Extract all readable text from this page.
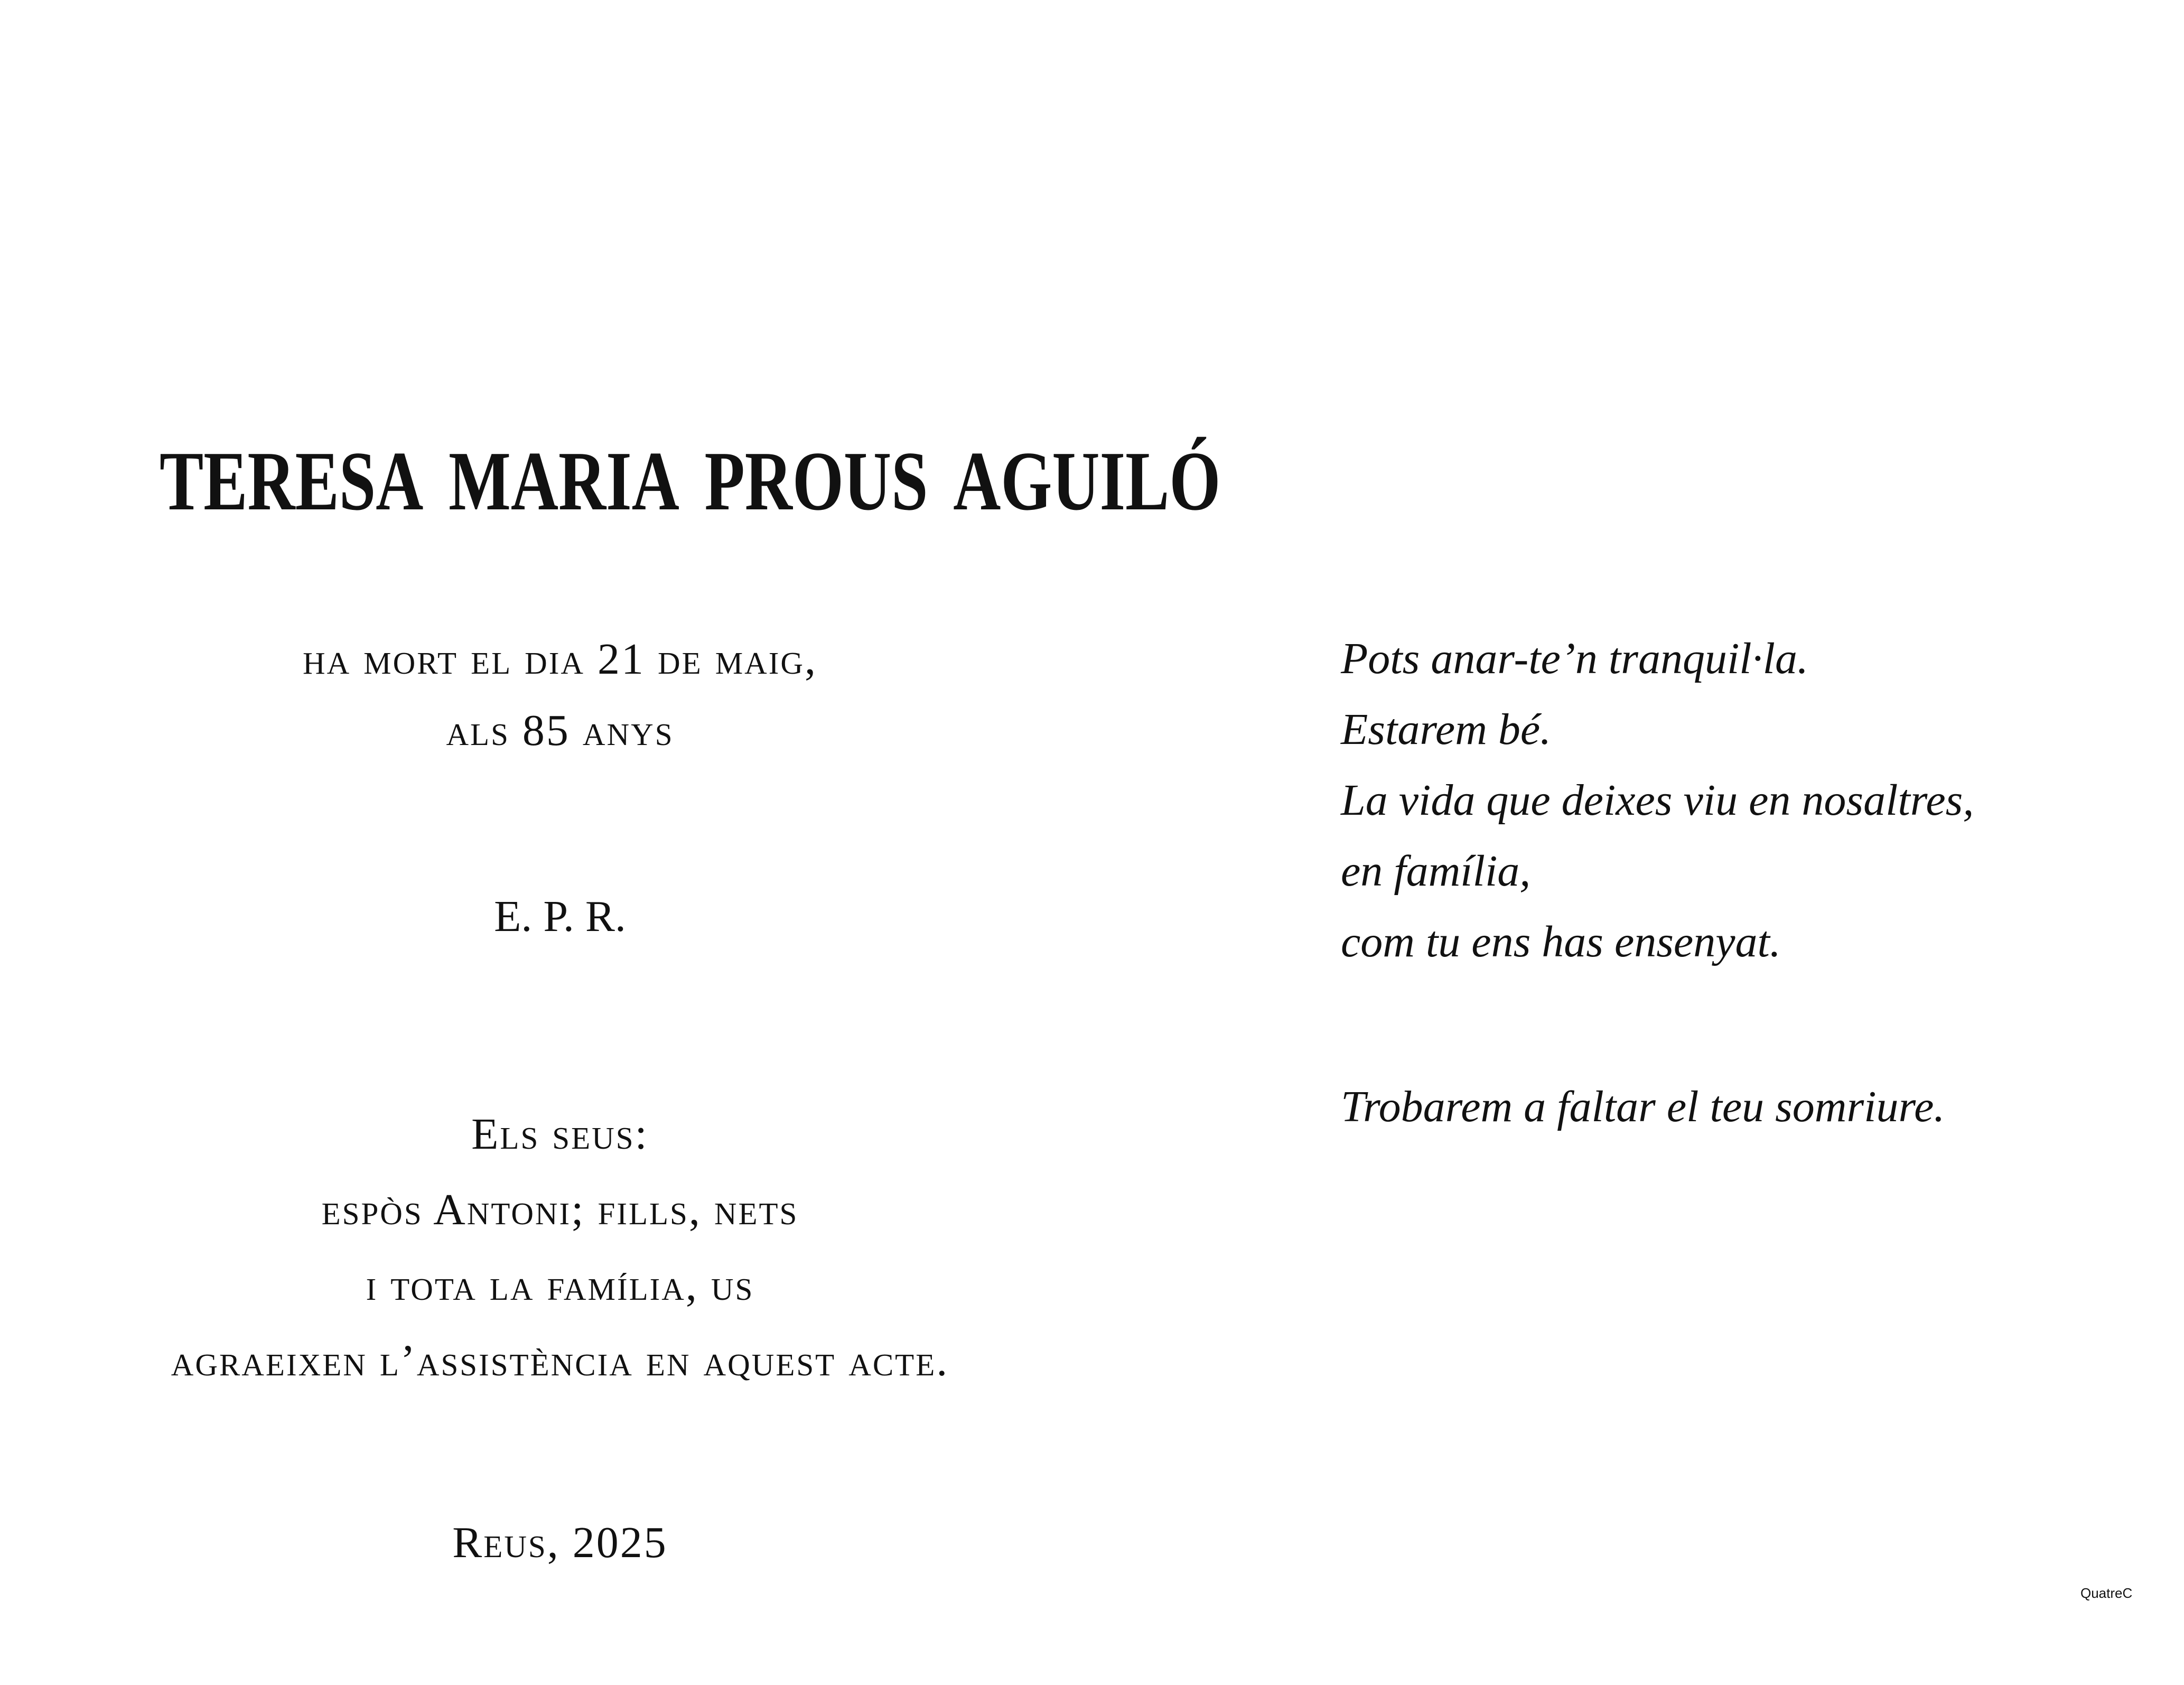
TERESA MARIA PROUS AGUILÓ
ha mort el dia 21 de maig,
als 85 anys
E. P. R.
Els seus:
espòs Antoni; fills, nets
i tota la família, us
agraeixen l’assistència en aquest acte.
Reus, 2025
Pots anar-te’n tranquil·la.
Estarem bé.
La vida que deixes viu en nosaltres,
en família,
com tu ens has ensenyat.
Trobarem a faltar el teu somriure.
QuatreC
